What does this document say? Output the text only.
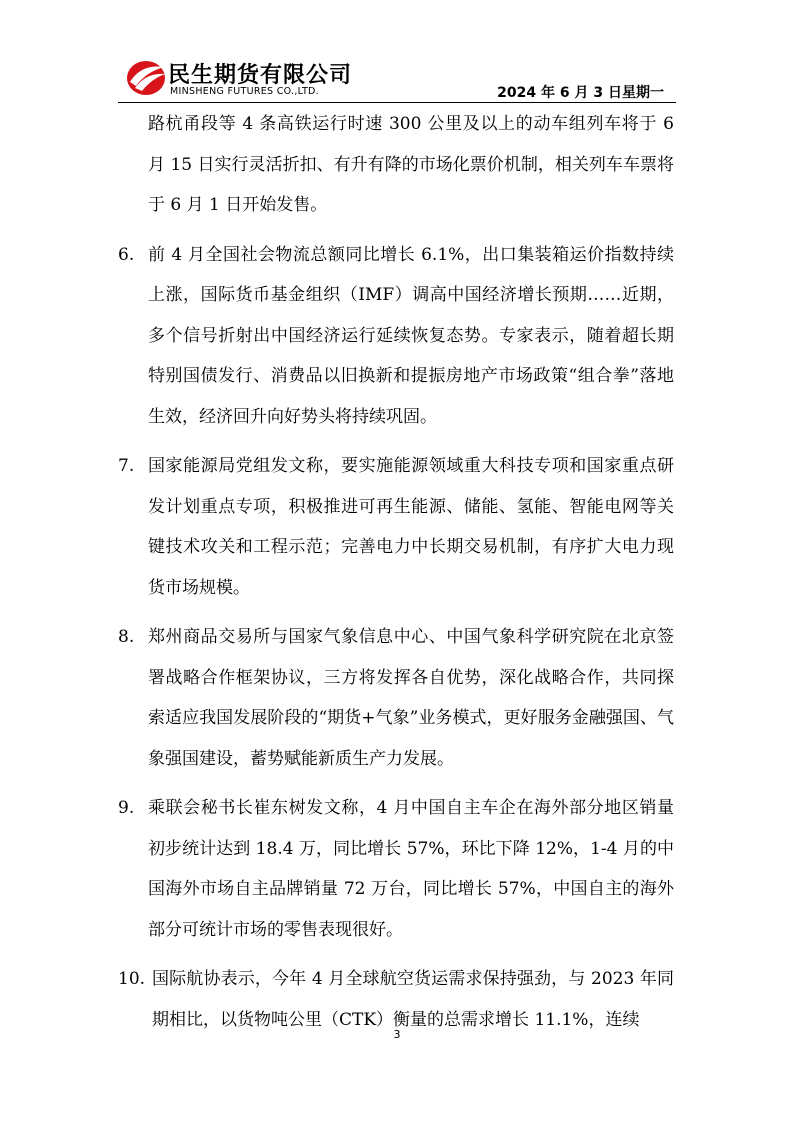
民生期货有限公司
MINSHENG FUTURES CO.,LTD.	2024 年 6 月 3 日星期一
路杭甬段等 4 条高铁运行时速 300 公里及以上的动车组列车将于 6 月 15 日实行灵活折扣、有升有降的市场化票价机制，相关列车车票将于 6 月 1 日开始发售。
6. 前 4 月全国社会物流总额同比增长 6.1%，出口集装箱运价指数持续上涨，国际货币基金组织（IMF）调高中国经济增长预期……近期，多个信号折射出中国经济运行延续恢复态势。专家表示，随着超长期特别国债发行、消费品以旧换新和提振房地产市场政策“组合拳”落地生效，经济回升向好势头将持续巩固。
7. 国家能源局党组发文称，要实施能源领域重大科技专项和国家重点研发计划重点专项，积极推进可再生能源、储能、氢能、智能电网等关键技术攻关和工程示范；完善电力中长期交易机制，有序扩大电力现货市场规模。
8. 郑州商品交易所与国家气象信息中心、中国气象科学研究院在北京签署战略合作框架协议，三方将发挥各自优势，深化战略合作，共同探索适应我国发展阶段的“期货+气象”业务模式，更好服务金融强国、气象强国建设，蓄势赋能新质生产力发展。
9. 乘联会秘书长崔东树发文称，4 月中国自主车企在海外部分地区销量初步统计达到 18.4 万，同比增长 57%，环比下降 12%，1-4 月的中国海外市场自主品牌销量 72 万台，同比增长 57%，中国自主的海外部分可统计市场的零售表现很好。
10. 国际航协表示，今年 4 月全球航空货运需求保持强劲，与 2023 年同期相比，以货物吨公里（CTK）衡量的总需求增长 11.1%，连续
3
